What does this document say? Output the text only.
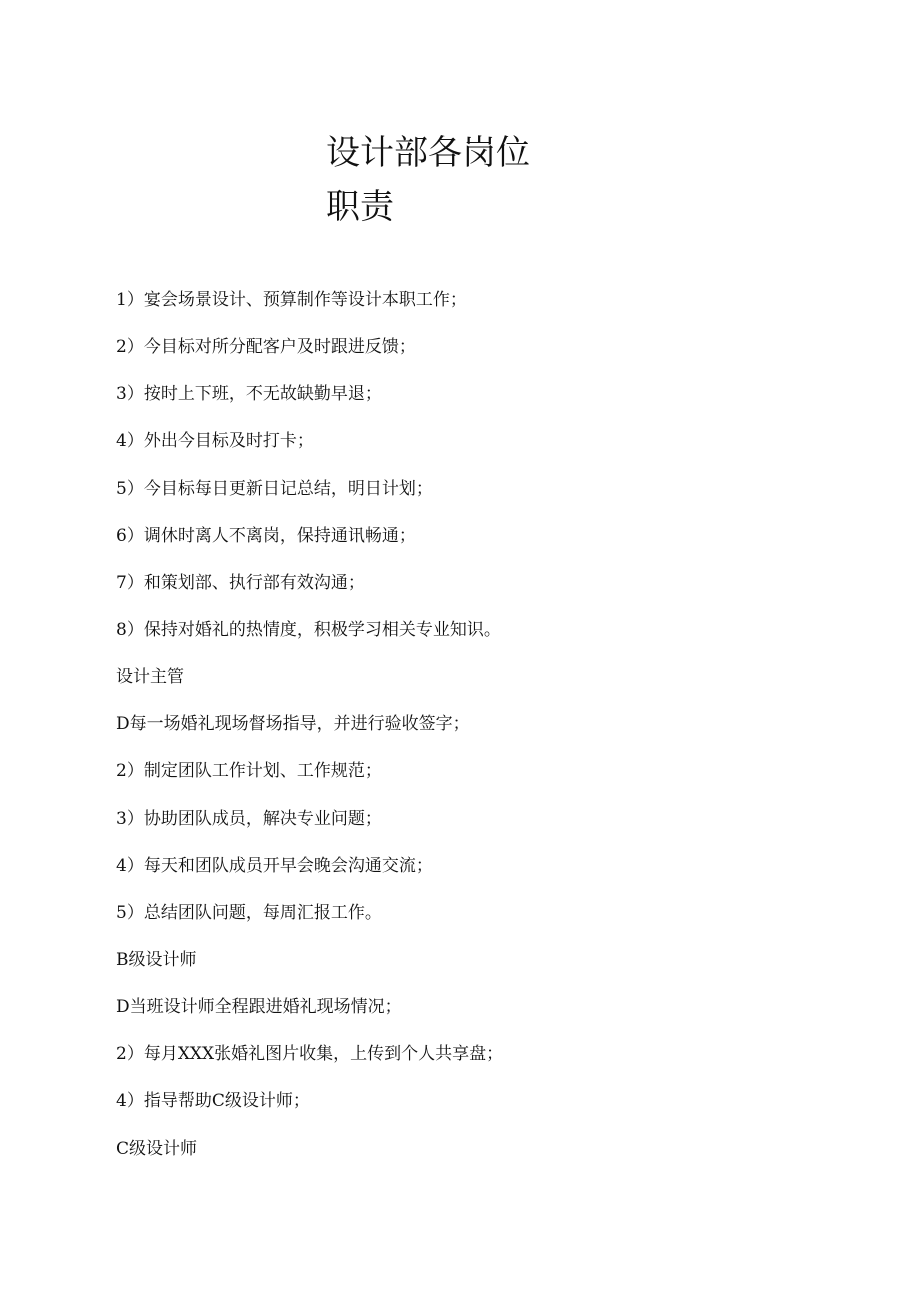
设计部各岗位
职责
1）宴会场景设计、预算制作等设计本职工作；
2）今目标对所分配客户及时跟进反馈；
3）按时上下班，不无故缺勤早退；
4）外出今目标及时打卡；
5）今目标每日更新日记总结，明日计划；
6）调休时离人不离岗，保持通讯畅通；
7）和策划部、执行部有效沟通；
8）保持对婚礼的热情度，积极学习相关专业知识。
设计主管
D每一场婚礼现场督场指导，并进行验收签字；
2）制定团队工作计划、工作规范；
3）协助团队成员，解决专业问题；
4）每天和团队成员开早会晚会沟通交流；
5）总结团队问题，每周汇报工作。
B级设计师
D当班设计师全程跟进婚礼现场情况；
2）每月XXX张婚礼图片收集，上传到个人共享盘；
4）指导帮助C级设计师；
C级设计师
